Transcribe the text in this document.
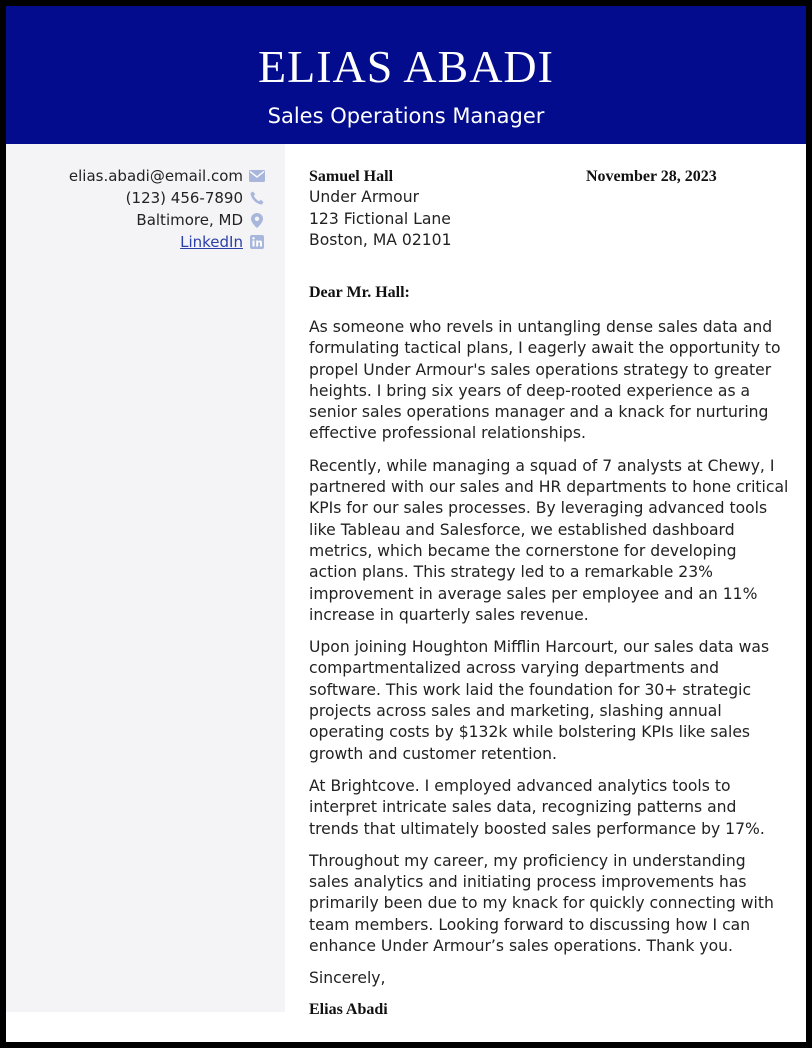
ELIAS ABADI
Sales Operations Manager
elias.abadi@email.com
(123) 456-7890
Baltimore, MD
LinkedIn
Samuel Hall
Under Armour
123 Fictional Lane
Boston, MA 02101
November 28, 2023
Dear Mr. Hall:

As someone who revels in untangling dense sales data and formulating tactical plans, I eagerly await the opportunity to propel Under Armour's sales operations strategy to greater heights. I bring six years of deep-rooted experience as a senior sales operations manager and a knack for nurturing effective professional relationships.

Recently, while managing a squad of 7 analysts at Chewy, I partnered with our sales and HR departments to hone critical KPIs for our sales processes. By leveraging advanced tools like Tableau and Salesforce, we established dashboard metrics, which became the cornerstone for developing action plans. This strategy led to a remarkable 23% improvement in average sales per employee and an 11% increase in quarterly sales revenue.

Upon joining Houghton Mifflin Harcourt, our sales data was compartmentalized across varying departments and software. This work laid the foundation for 30+ strategic projects across sales and marketing, slashing annual operating costs by $132k while bolstering KPIs like sales growth and customer retention.

At Brightcove. I employed advanced analytics tools to interpret intricate sales data, recognizing patterns and trends that ultimately boosted sales performance by 17%.

Throughout my career, my proficiency in understanding sales analytics and initiating process improvements has primarily been due to my knack for quickly connecting with team members. Looking forward to discussing how I can enhance Under Armour’s sales operations. Thank you.

Sincerely,
Elias Abadi
